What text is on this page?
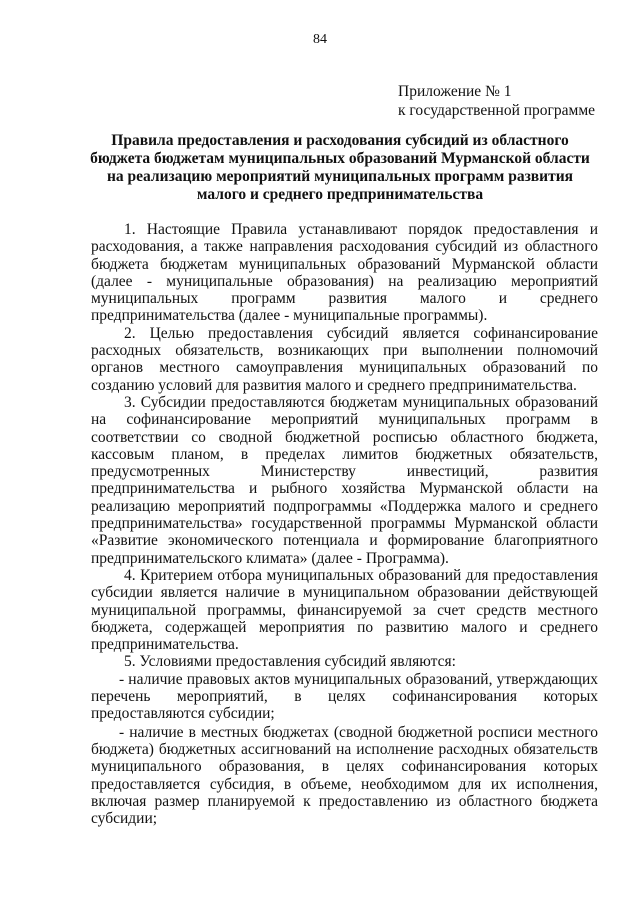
84
Приложение № 1
к государственной программе
Правила предоставления и расходования субсидий из областного
бюджета бюджетам муниципальных образований Мурманской области
на реализацию мероприятий муниципальных программ развития
малого и среднего предпринимательства

1. Настоящие Правила устанавливают порядок предоставления и расходования, а также направления расходования субсидий из областного бюджета бюджетам муниципальных образований Мурманской области (далее - муниципальные образования) на реализацию мероприятий муниципальных программ развития малого и среднего предпринимательства (далее - муниципальные программы).

2. Целью предоставления субсидий является софинансирование расходных обязательств, возникающих при выполнении полномочий органов местного самоуправления муниципальных образований по созданию условий для развития малого и среднего предпринимательства.

3. Субсидии предоставляются бюджетам муниципальных образований на софинансирование мероприятий муниципальных программ в соответствии со сводной бюджетной росписью областного бюджета, кассовым планом, в пределах лимитов бюджетных обязательств, предусмотренных Министерству инвестиций, развития предпринимательства и рыбного хозяйства Мурманской области на реализацию мероприятий подпрограммы «Поддержка малого и среднего предпринимательства» государственной программы Мурманской области «Развитие экономического потенциала и формирование благоприятного предпринимательского климата» (далее - Программа).

4. Критерием отбора муниципальных образований для предоставления субсидии является наличие в муниципальном образовании действующей муниципальной программы, финансируемой за счет средств местного бюджета, содержащей мероприятия по развитию малого и среднего предпринимательства.

5. Условиями предоставления субсидий являются:

- наличие правовых актов муниципальных образований, утверждающих перечень мероприятий, в целях софинансирования которых предоставляются субсидии;

- наличие в местных бюджетах (сводной бюджетной росписи местного бюджета) бюджетных ассигнований на исполнение расходных обязательств муниципального образования, в целях софинансирования которых предоставляется субсидия, в объеме, необходимом для их исполнения, включая размер планируемой к предоставлению из областного бюджета субсидии;
